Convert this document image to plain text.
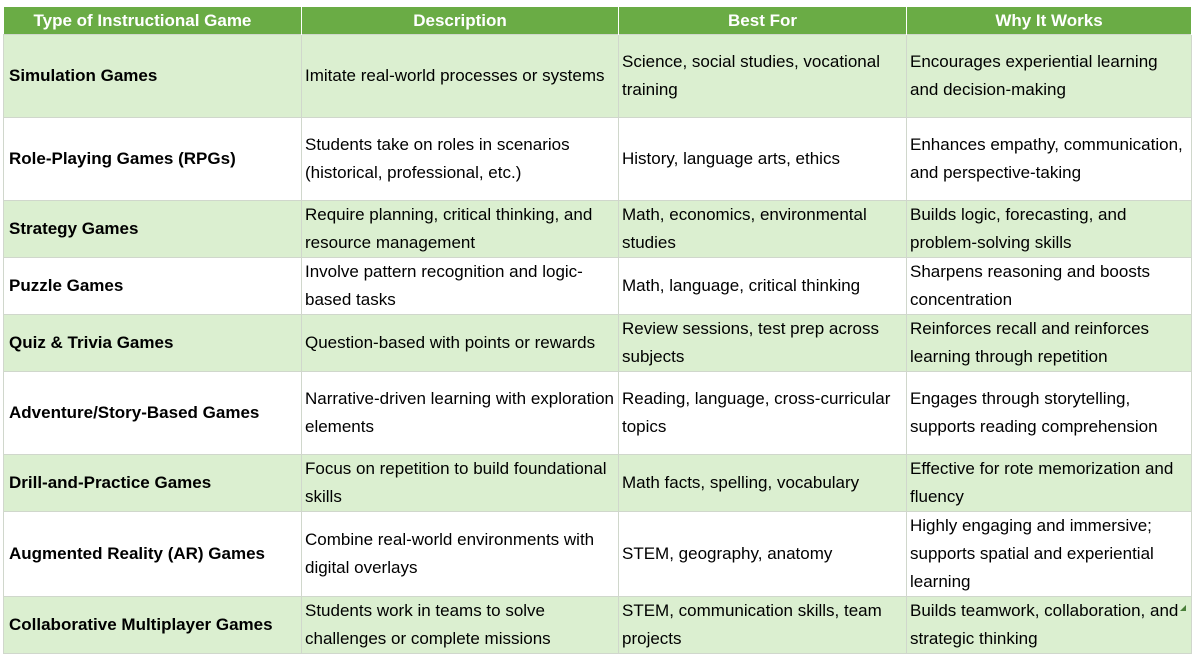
Type of Instructional Game	Description	Best For	Why It Works
Simulation Games	Imitate real-world processes or systems	Science, social studies, vocational training	Encourages experiential learning and decision-making
Role-Playing Games (RPGs)	Students take on roles in scenarios (historical, professional, etc.)	History, language arts, ethics	Enhances empathy, communication, and perspective-taking
Strategy Games	Require planning, critical thinking, and resource management	Math, economics, environmental studies	Builds logic, forecasting, and problem-solving skills
Puzzle Games	Involve pattern recognition and logic-based tasks	Math, language, critical thinking	Sharpens reasoning and boosts concentration
Quiz & Trivia Games	Question-based with points or rewards	Review sessions, test prep across subjects	Reinforces recall and reinforces learning through repetition
Adventure/Story-Based Games	Narrative-driven learning with exploration elements	Reading, language, cross-curricular topics	Engages through storytelling, supports reading comprehension
Drill-and-Practice Games	Focus on repetition to build foundational skills	Math facts, spelling, vocabulary	Effective for rote memorization and fluency
Augmented Reality (AR) Games	Combine real-world environments with digital overlays	STEM, geography, anatomy	Highly engaging and immersive; supports spatial and experiential learning
Collaborative Multiplayer Games	Students work in teams to solve challenges or complete missions	STEM, communication skills, team projects	Builds teamwork, collaboration, and strategic thinking
